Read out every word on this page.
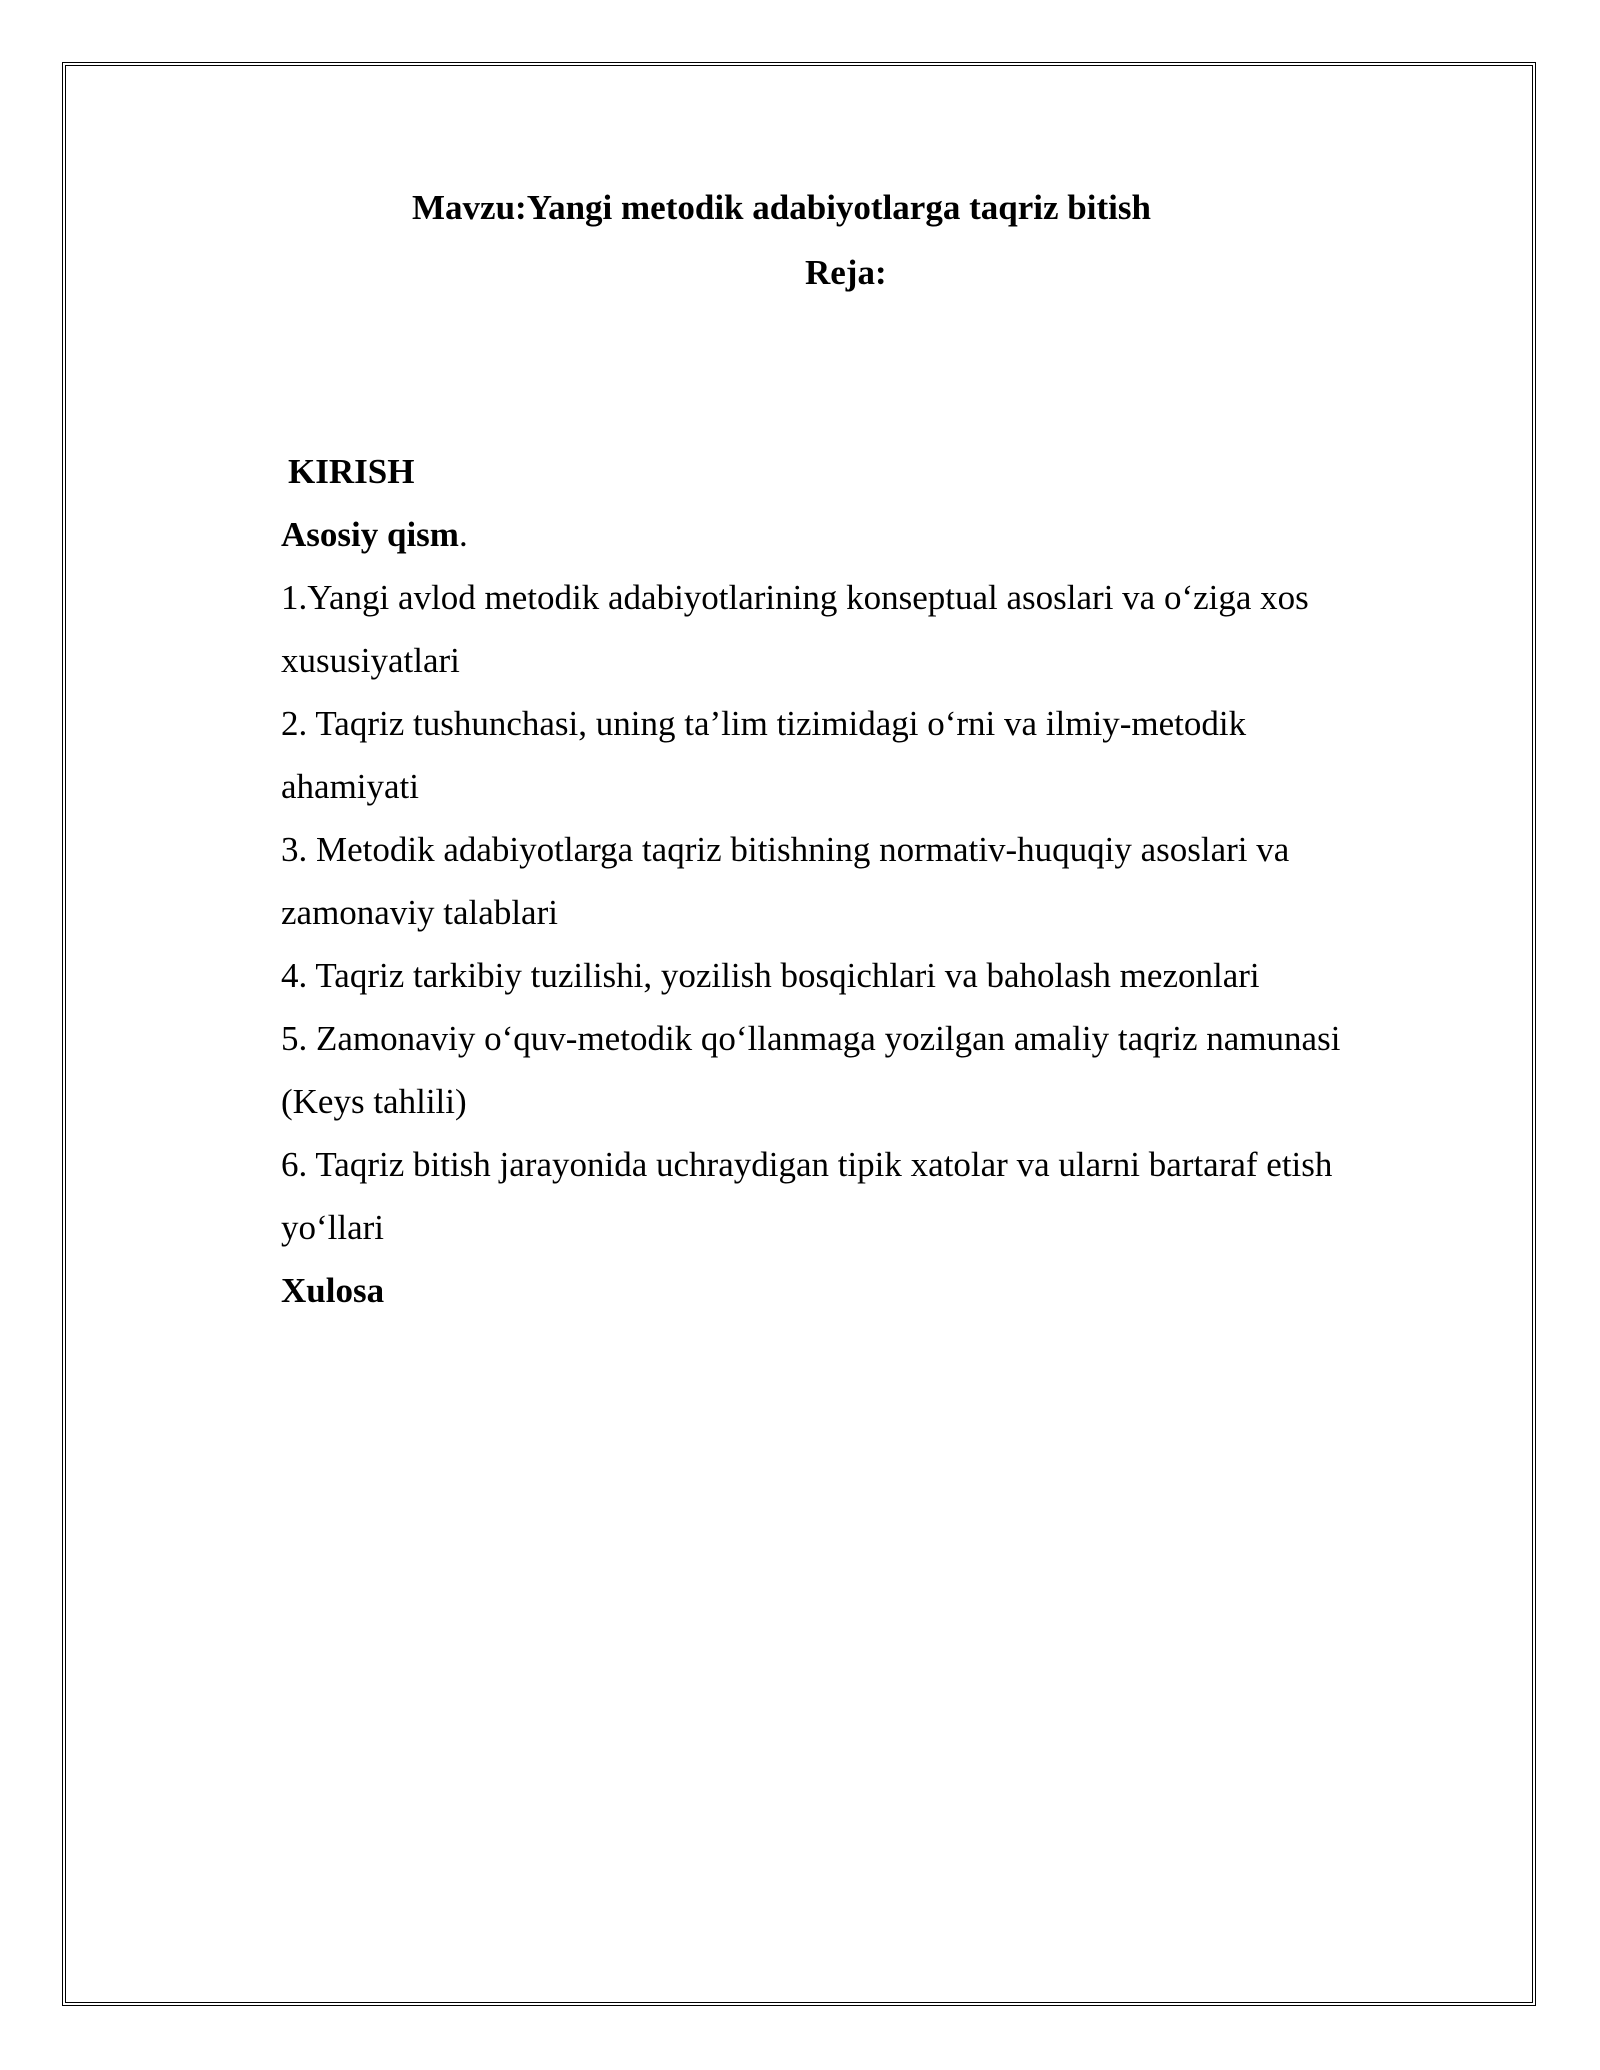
Mavzu:Yangi metodik adabiyotlarga taqriz bitish
Reja:

KIRISH

Asosiy qism.

1.Yangi avlod metodik adabiyotlarining konseptual asoslari va o‘ziga xos

xususiyatlari

2. Taqriz tushunchasi, uning ta’lim tizimidagi o‘rni va ilmiy-metodik

ahamiyati

3. Metodik adabiyotlarga taqriz bitishning normativ-huquqiy asoslari va

zamonaviy talablari

4. Taqriz tarkibiy tuzilishi, yozilish bosqichlari va baholash mezonlari

5. Zamonaviy o‘quv-metodik qo‘llanmaga yozilgan amaliy taqriz namunasi

(Keys tahlili)

6. Taqriz bitish jarayonida uchraydigan tipik xatolar va ularni bartaraf etish

yo‘llari

Xulosa
